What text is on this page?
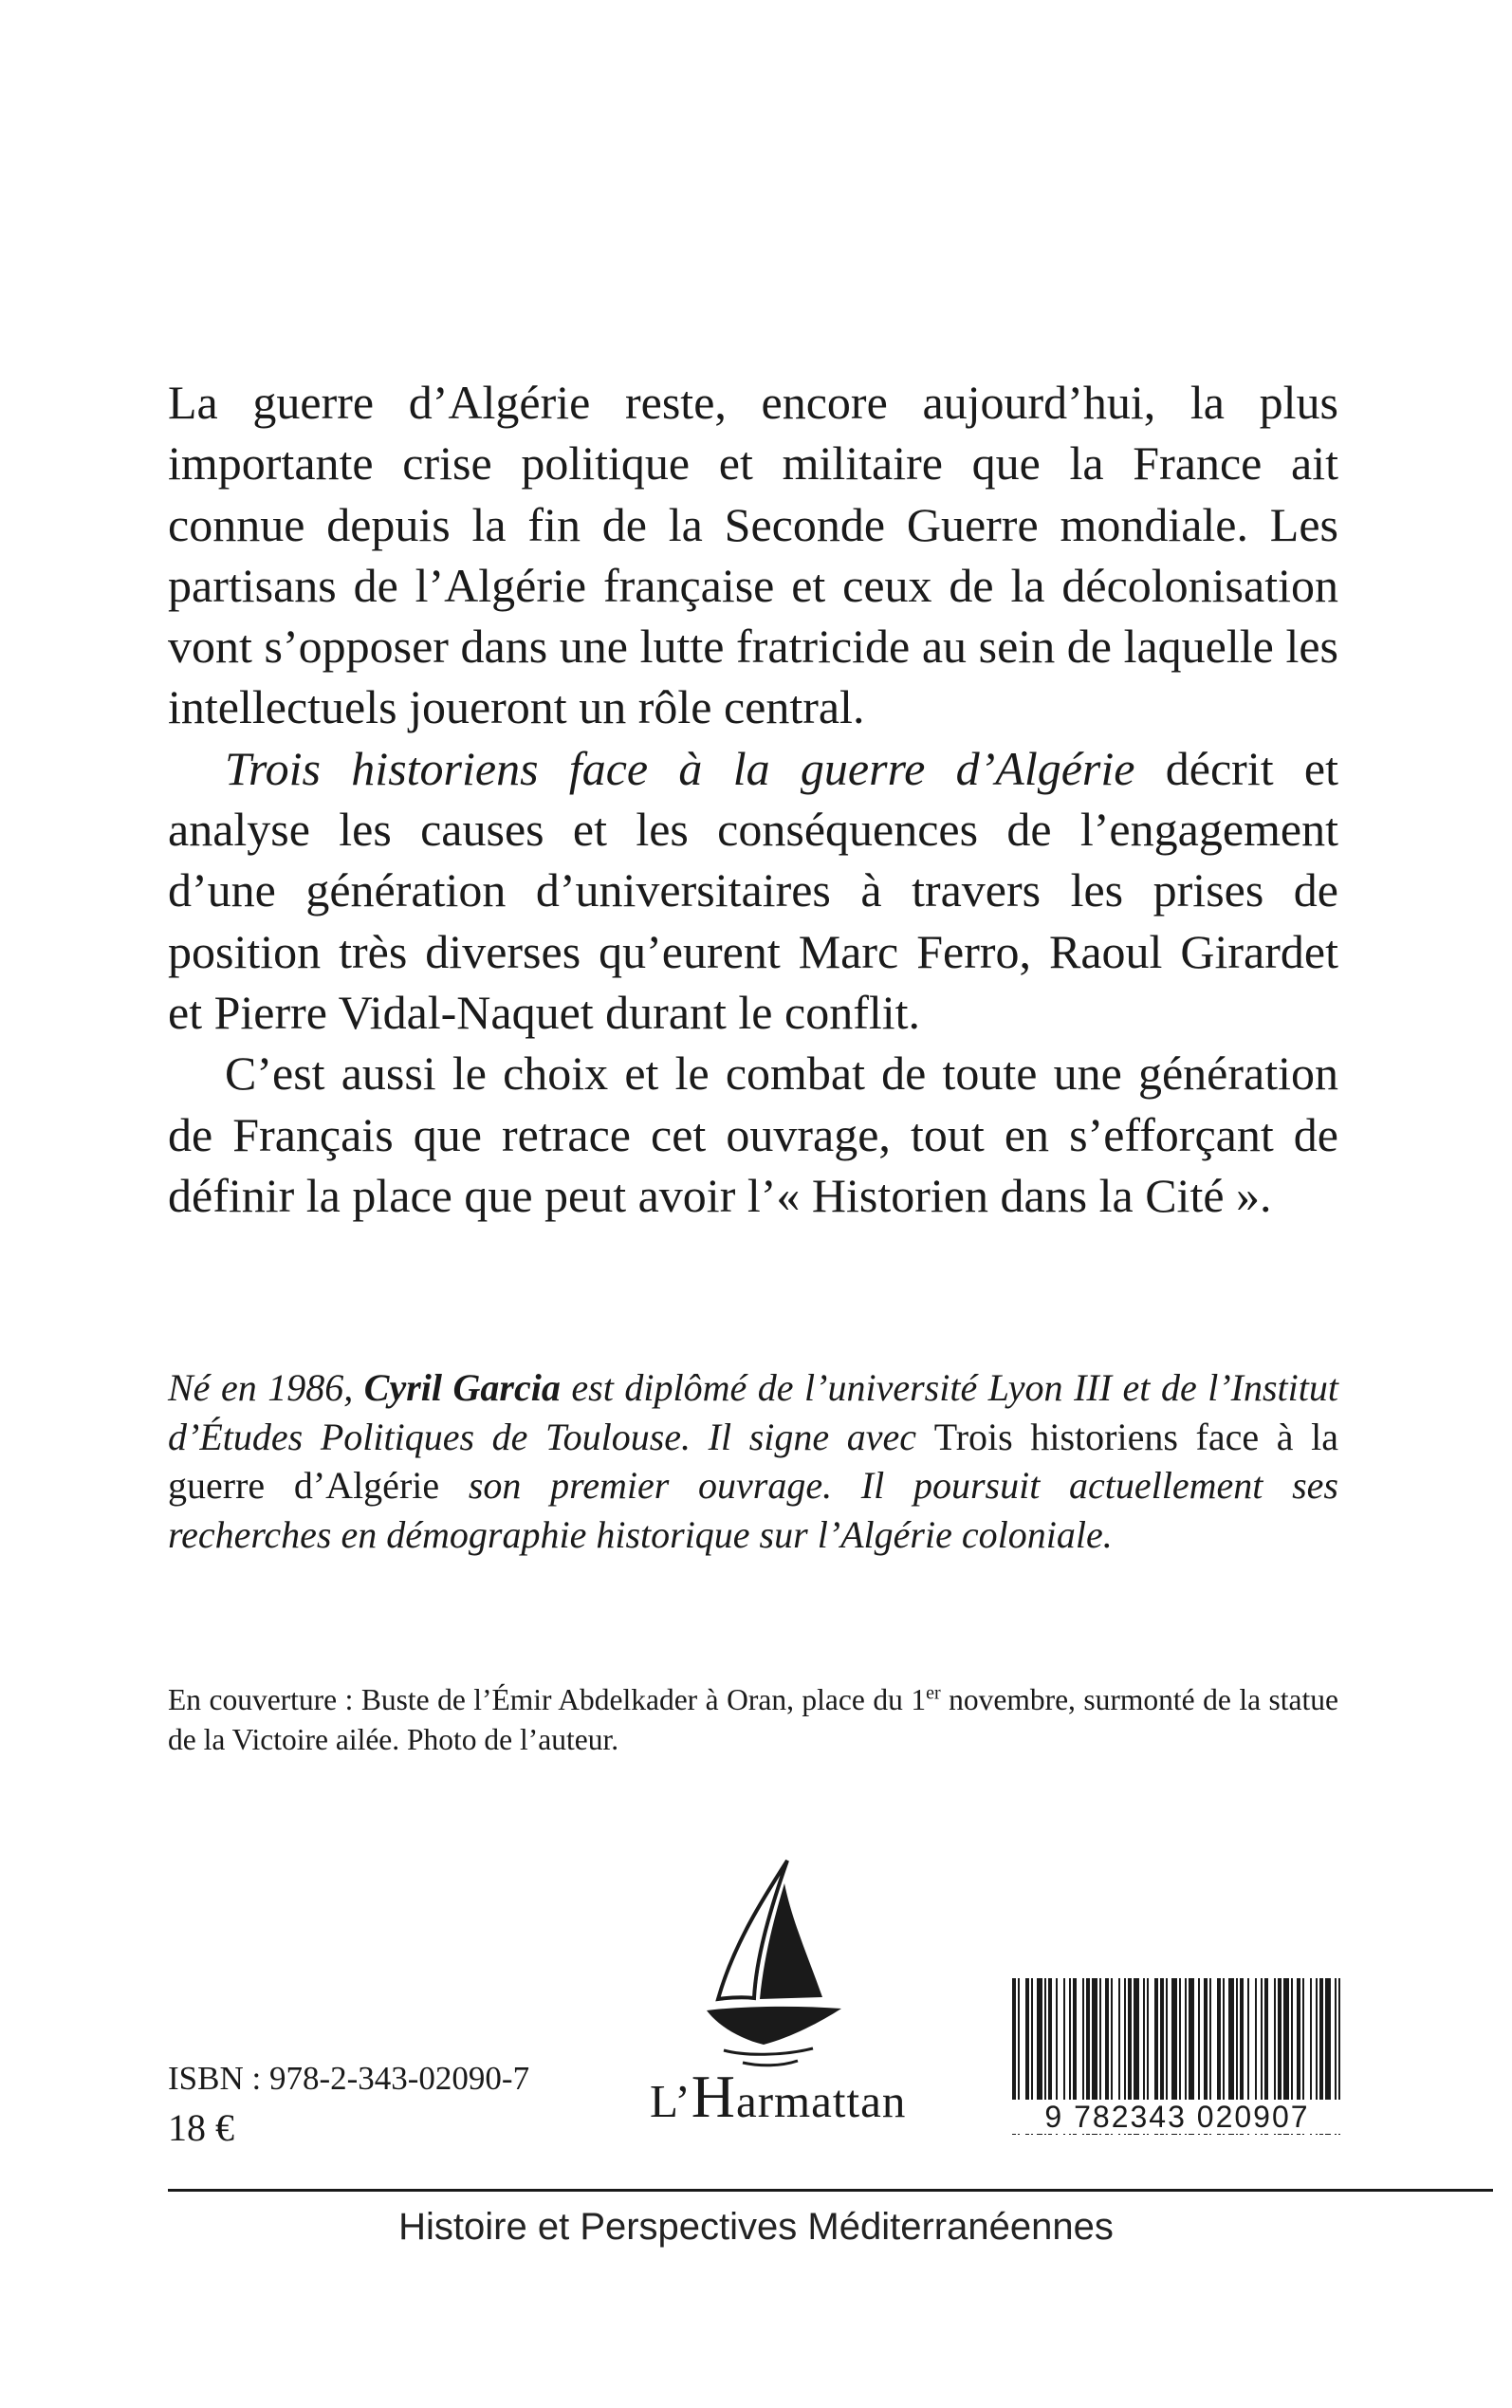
La guerre d’Algérie reste, encore aujourd’hui, la plus importante crise politique et militaire que la France ait connue depuis la fin de la Seconde Guerre mondiale. Les partisans de l’Algérie française et ceux de la décolonisation vont s’opposer dans une lutte fratricide au sein de laquelle les intellectuels joueront un rôle central.

Trois historiens face à la guerre d’Algérie décrit et analyse les causes et les conséquences de l’engagement d’une génération d’universitaires à travers les prises de position très diverses qu’eurent Marc Ferro, Raoul Girardet et Pierre Vidal-Naquet durant le conflit.

C’est aussi le choix et le combat de toute une génération de Français que retrace cet ouvrage, tout en s’efforçant de définir la place que peut avoir l’« Historien dans la Cité ».

Né en 1986, Cyril Garcia est diplômé de l’université Lyon III et de l’Institut d’Études Politiques de Toulouse. Il signe avec Trois historiens face à la guerre d’Algérie son premier ouvrage. Il poursuit actuellement ses recherches en démographie historique sur l’Algérie coloniale.

En couverture : Buste de l’Émir Abdelkader à Oran, place du 1er novembre, surmonté de la statue de la Victoire ailée. Photo de l’auteur.

ISBN : 978-2-343-02090-7
18 €
L’Harmattan	9 782343 020907
Histoire et Perspectives Méditerranéennes
